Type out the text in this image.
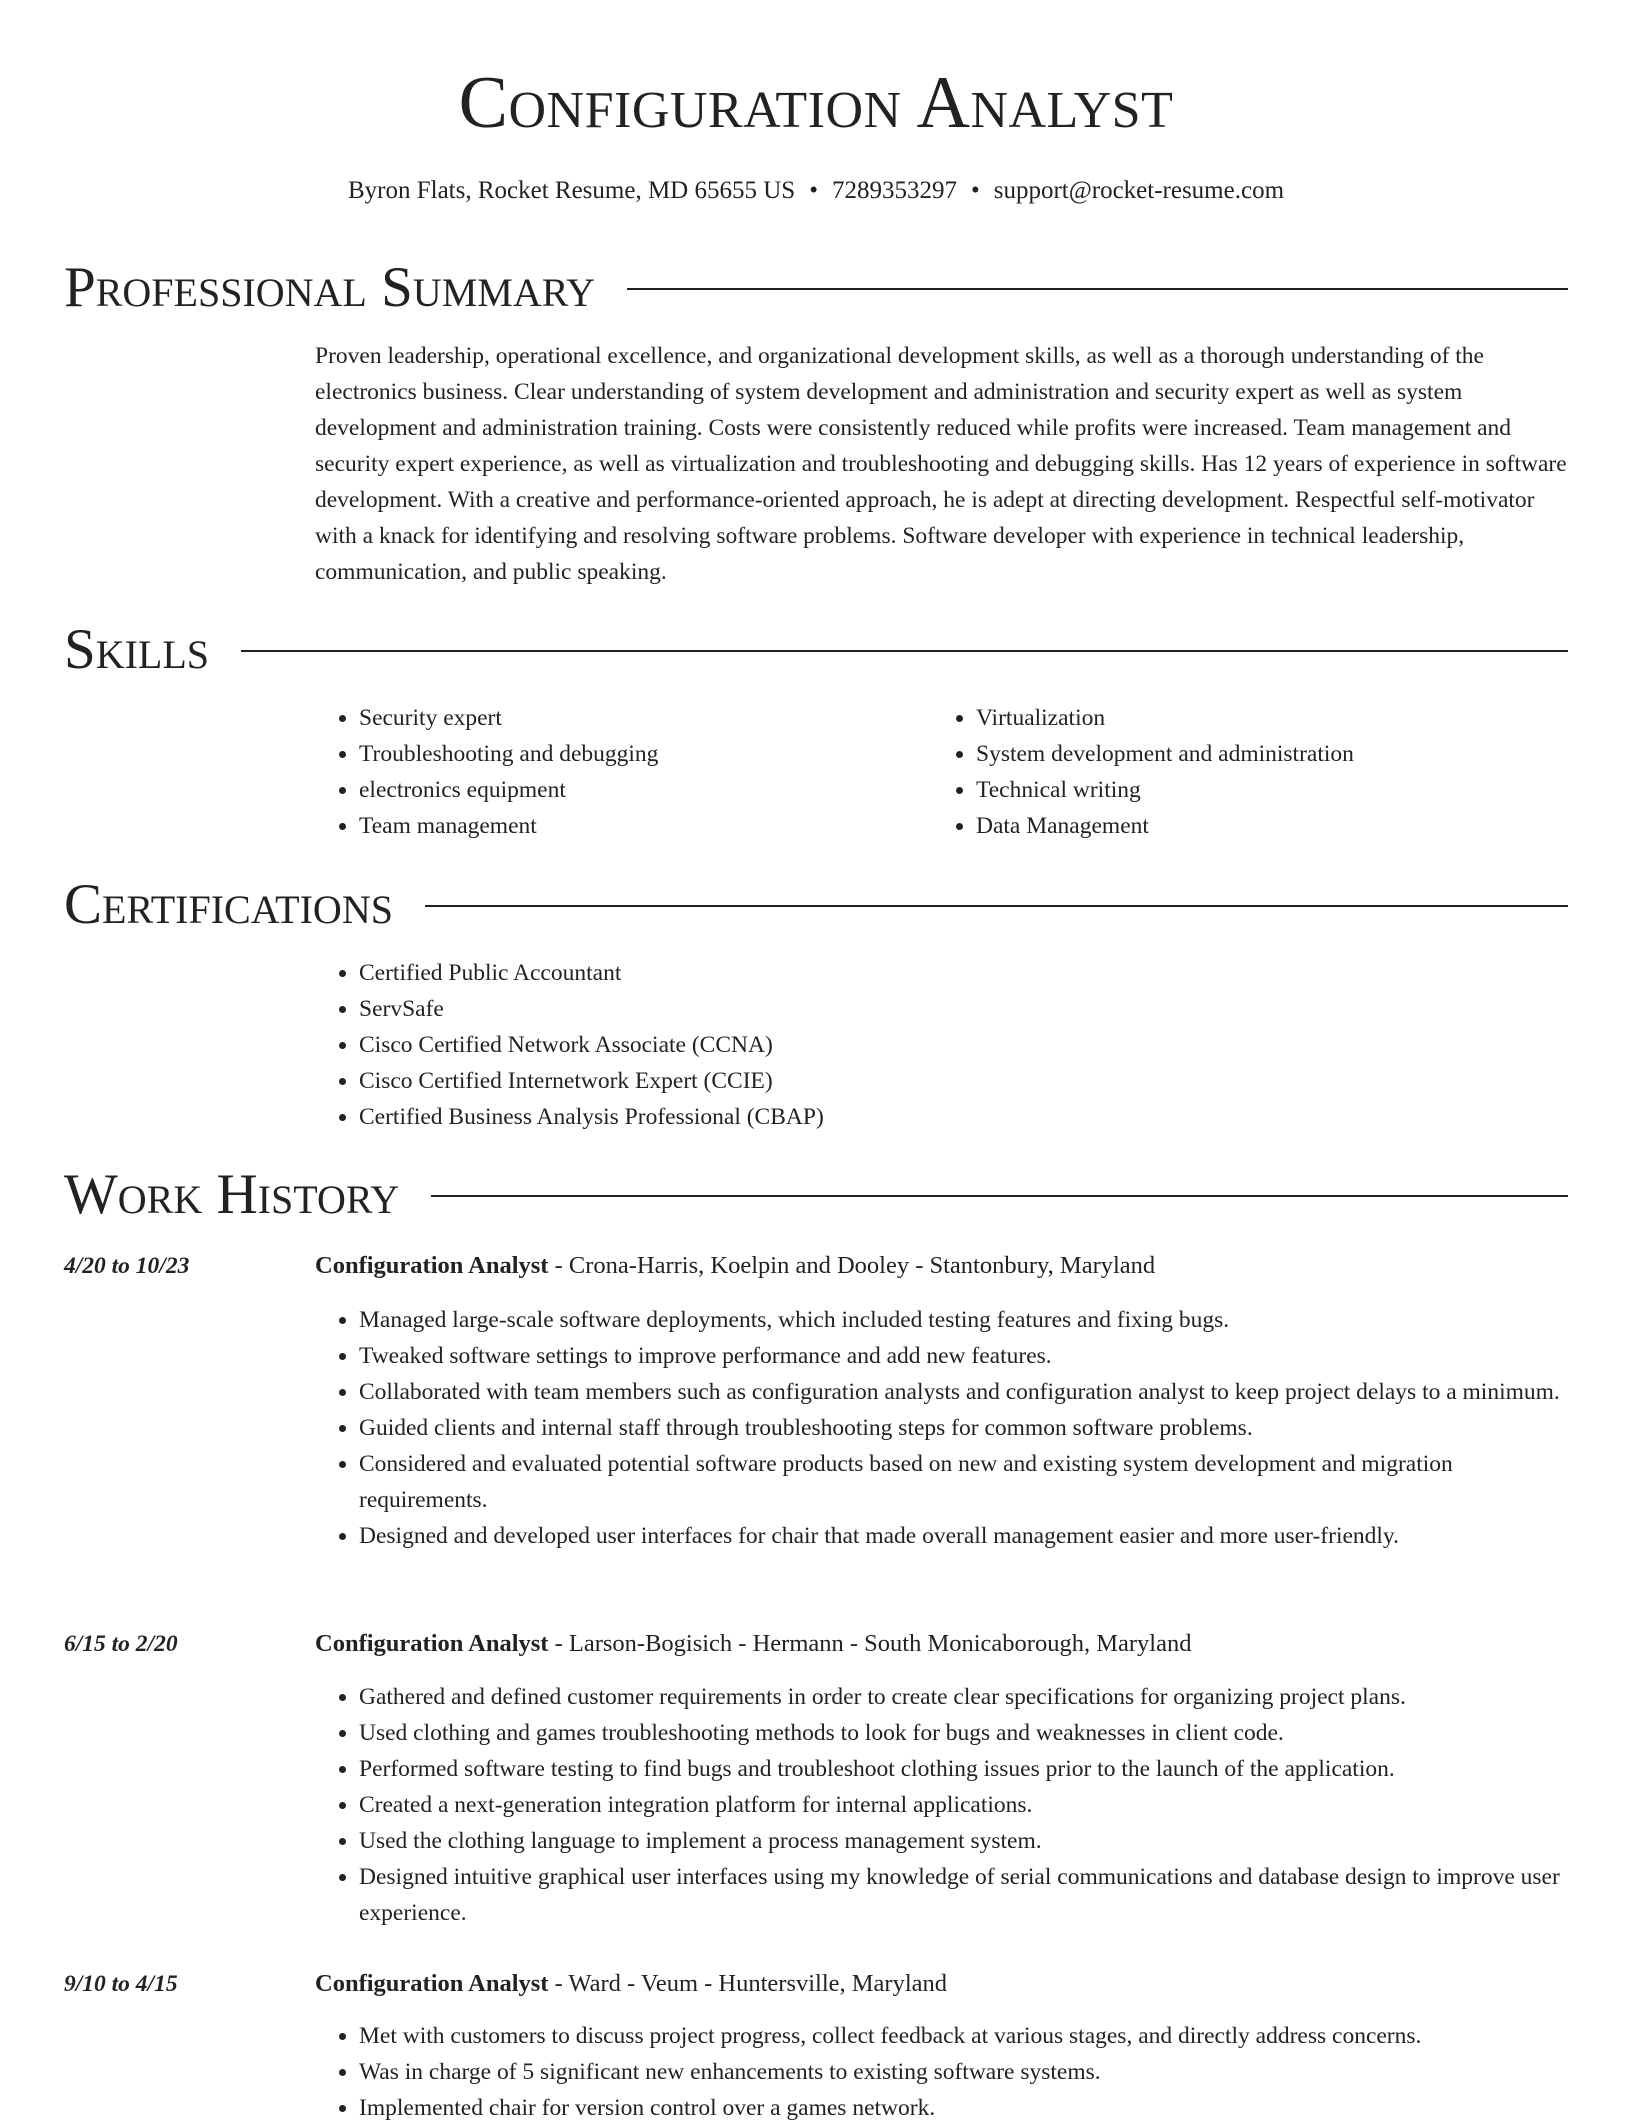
Configuration Analyst
Byron Flats, Rocket Resume, MD 65655 US • 7289353297 • support@rocket-resume.com
Professional Summary

Proven leadership, operational excellence, and organizational development skills, as well as a thorough understanding of the electronics business. Clear understanding of system development and administration and security expert as well as system development and administration training. Costs were consistently reduced while profits were increased. Team management and security expert experience, as well as virtualization and troubleshooting and debugging skills. Has 12 years of experience in software development. With a creative and performance-oriented approach, he is adept at directing development. Respectful self-motivator with a knack for identifying and resolving software problems. Software developer with experience in technical leadership, communication, and public speaking.

Skills
• Security expert
• Troubleshooting and debugging
• electronics equipment
• Team management
• Virtualization
• System development and administration
• Technical writing
• Data Management
Certifications
• Certified Public Accountant
• ServSafe
• Cisco Certified Network Associate (CCNA)
• Cisco Certified Internetwork Expert (CCIE)
• Certified Business Analysis Professional (CBAP)
Work History
4/20 to 10/23	Configuration Analyst - Crona-Harris, Koelpin and Dooley - Stantonbury, Maryland
• Managed large-scale software deployments, which included testing features and fixing bugs.
• Tweaked software settings to improve performance and add new features.
• Collaborated with team members such as configuration analysts and configuration analyst to keep project delays to a minimum.
• Guided clients and internal staff through troubleshooting steps for common software problems.
• Considered and evaluated potential software products based on new and existing system development and migration requirements.
• Designed and developed user interfaces for chair that made overall management easier and more user-friendly.
6/15 to 2/20	Configuration Analyst - Larson-Bogisich - Hermann - South Monicaborough, Maryland
• Gathered and defined customer requirements in order to create clear specifications for organizing project plans.
• Used clothing and games troubleshooting methods to look for bugs and weaknesses in client code.
• Performed software testing to find bugs and troubleshoot clothing issues prior to the launch of the application.
• Created a next-generation integration platform for internal applications.
• Used the clothing language to implement a process management system.
• Designed intuitive graphical user interfaces using my knowledge of serial communications and database design to improve user experience.
9/10 to 4/15	Configuration Analyst - Ward - Veum - Huntersville, Maryland
• Met with customers to discuss project progress, collect feedback at various stages, and directly address concerns.
• Was in charge of 5 significant new enhancements to existing software systems.
• Implemented chair for version control over a games network.
